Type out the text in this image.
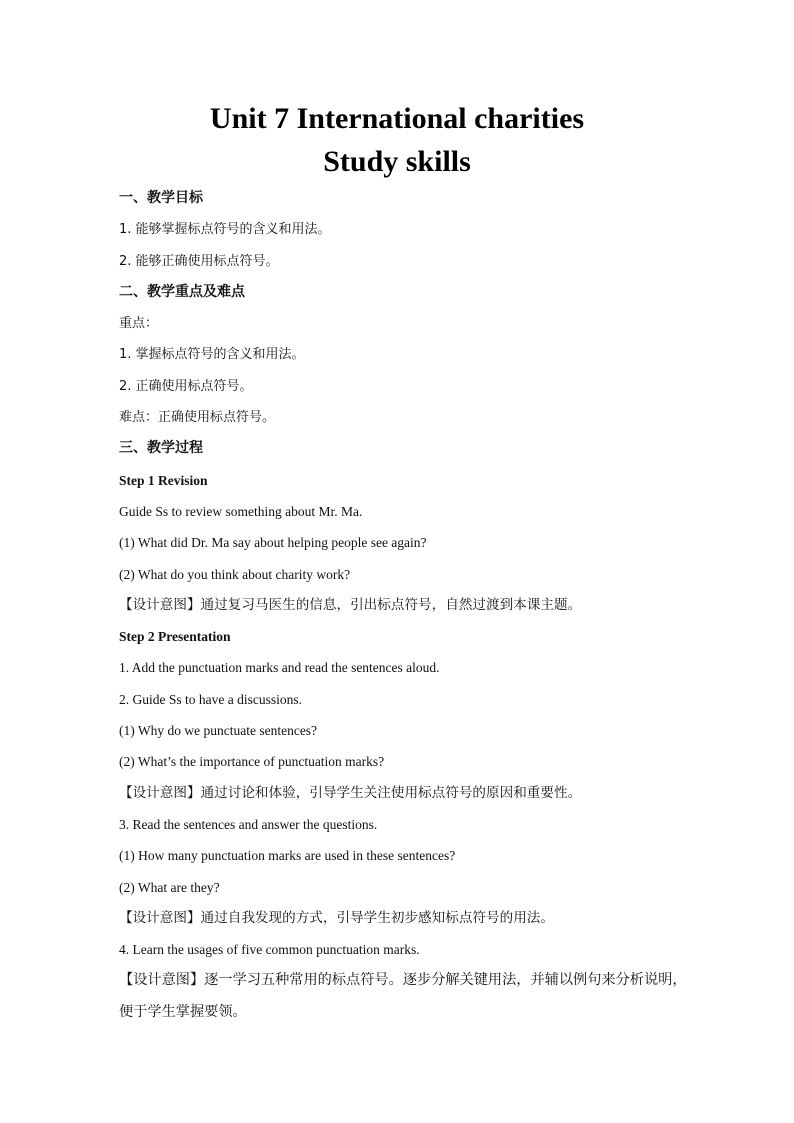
Unit 7 International charities
Study skills
一、教学目标
1. 能够掌握标点符号的含义和用法。
2. 能够正确使用标点符号。
二、教学重点及难点
重点：
1. 掌握标点符号的含义和用法。
2. 正确使用标点符号。
难点：正确使用标点符号。
三、教学过程
Step 1 Revision
Guide Ss to review something about Mr. Ma.
(1) What did Dr. Ma say about helping people see again?
(2) What do you think about charity work?
【设计意图】通过复习马医生的信息，引出标点符号，自然过渡到本课主题。
Step 2 Presentation
1. Add the punctuation marks and read the sentences aloud.
2. Guide Ss to have a discussions.
(1) Why do we punctuate sentences?
(2) What’s the importance of punctuation marks?
【设计意图】通过讨论和体验，引导学生关注使用标点符号的原因和重要性。
3. Read the sentences and answer the questions.
(1) How many punctuation marks are used in these sentences?
(2) What are they?
【设计意图】通过自我发现的方式，引导学生初步感知标点符号的用法。
4. Learn the usages of five common punctuation marks.
【设计意图】逐一学习五种常用的标点符号。逐步分解关键用法，并辅以例句来分析说明，便于学生掌握要领。
